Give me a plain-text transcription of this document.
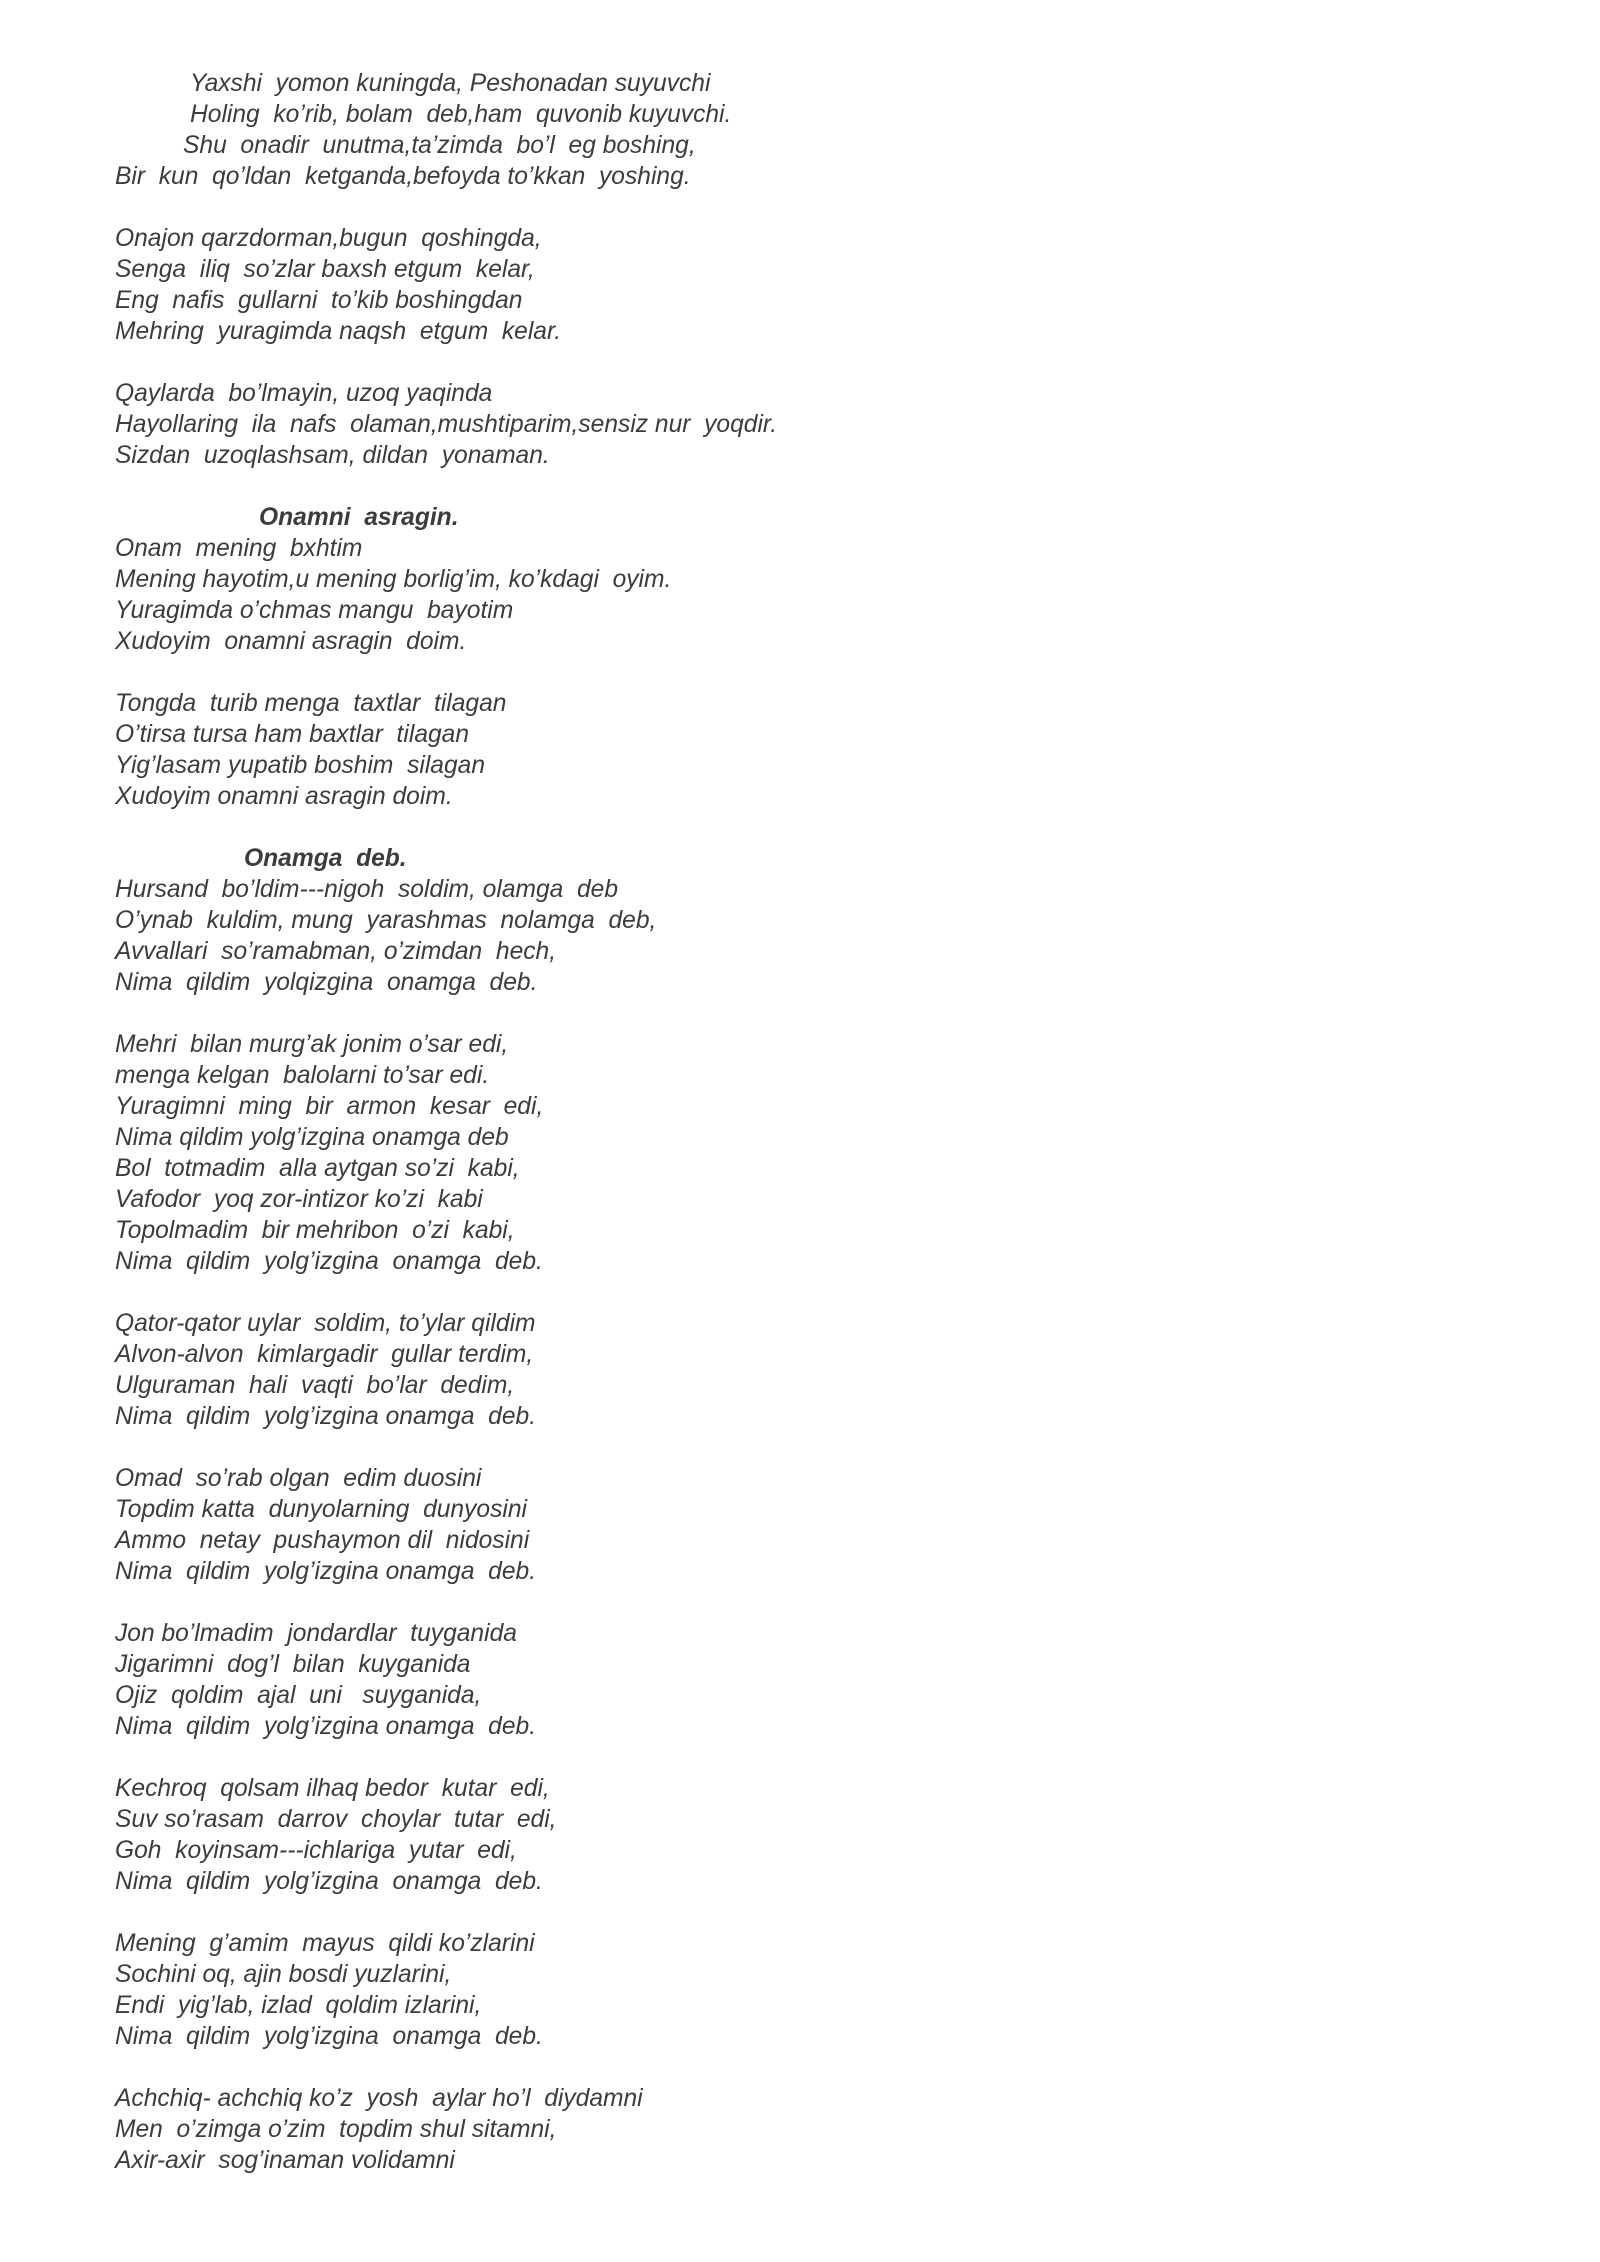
Yaxshi  yomon kuningda, Peshonadan suyuvchi
Holing  ko’rib, bolam  deb,ham  quvonib kuyuvchi.
Shu  onadir  unutma,ta’zimda  bo’l  eg boshing,
Bir  kun  qo’ldan  ketganda,befoyda to’kkan  yoshing.
Onajon qarzdorman,bugun  qoshingda,
Senga  iliq  so’zlar baxsh etgum  kelar,
Eng  nafis  gullarni  to’kib boshingdan
Mehring  yuragimda naqsh  etgum  kelar.
Qaylarda  bo’lmayin, uzoq yaqinda
Hayollaring  ila  nafs  olaman,mushtiparim,sensiz nur  yoqdir.
Sizdan  uzoqlashsam, dildan  yonaman.
Onamni  asragin.
Onam  mening  bxhtim
Mening hayotim,u mening borlig’im, ko’kdagi  oyim.
Yuragimda o’chmas mangu  bayotim
Xudoyim  onamni asragin  doim.
Tongda  turib menga  taxtlar  tilagan
O’tirsa tursa ham baxtlar  tilagan
Yig’lasam yupatib boshim  silagan
Xudoyim onamni asragin doim.
Onamga  deb.
Hursand  bo’ldim---nigoh  soldim, olamga  deb
O’ynab  kuldim, mung  yarashmas  nolamga  deb,
Avvallari  so’ramabman, o’zimdan  hech,
Nima  qildim  yolqizgina  onamga  deb.
Mehri  bilan murg’ak jonim o’sar edi,
menga kelgan  balolarni to’sar edi.
Yuragimni  ming  bir  armon  kesar  edi,
Nima qildim yolg’izgina onamga deb
Bol  totmadim  alla aytgan so’zi  kabi,
Vafodor  yoq zor-intizor ko’zi  kabi
Topolmadim  bir mehribon  o’zi  kabi,
Nima  qildim  yolg’izgina  onamga  deb.
Qator-qator uylar  soldim, to’ylar qildim
Alvon-alvon  kimlargadir  gullar terdim,
Ulguraman  hali  vaqti  bo’lar  dedim,
Nima  qildim  yolg’izgina onamga  deb.
Omad  so’rab olgan  edim duosini
Topdim katta  dunyolarning  dunyosini
Ammo  netay  pushaymon dil  nidosini
Nima  qildim  yolg’izgina onamga  deb.
Jon bo’lmadim  jondardlar  tuyganida
Jigarimni  dog’l  bilan  kuyganida
Ojiz  qoldim  ajal  uni   suyganida,
Nima  qildim  yolg’izgina onamga  deb.
Kechroq  qolsam ilhaq bedor  kutar  edi,
Suv so’rasam  darrov  choylar  tutar  edi,
Goh  koyinsam---ichlariga  yutar  edi,
Nima  qildim  yolg’izgina  onamga  deb.
Mening  g’amim  mayus  qildi ko’zlarini
Sochini oq, ajin bosdi yuzlarini,
Endi  yig’lab, izlad  qoldim izlarini,
Nima  qildim  yolg’izgina  onamga  deb.
Achchiq- achchiq ko’z  yosh  aylar ho’l  diydamni
Men  o’zimga o’zim  topdim shul sitamni,
Axir-axir  sog’inaman volidamni
